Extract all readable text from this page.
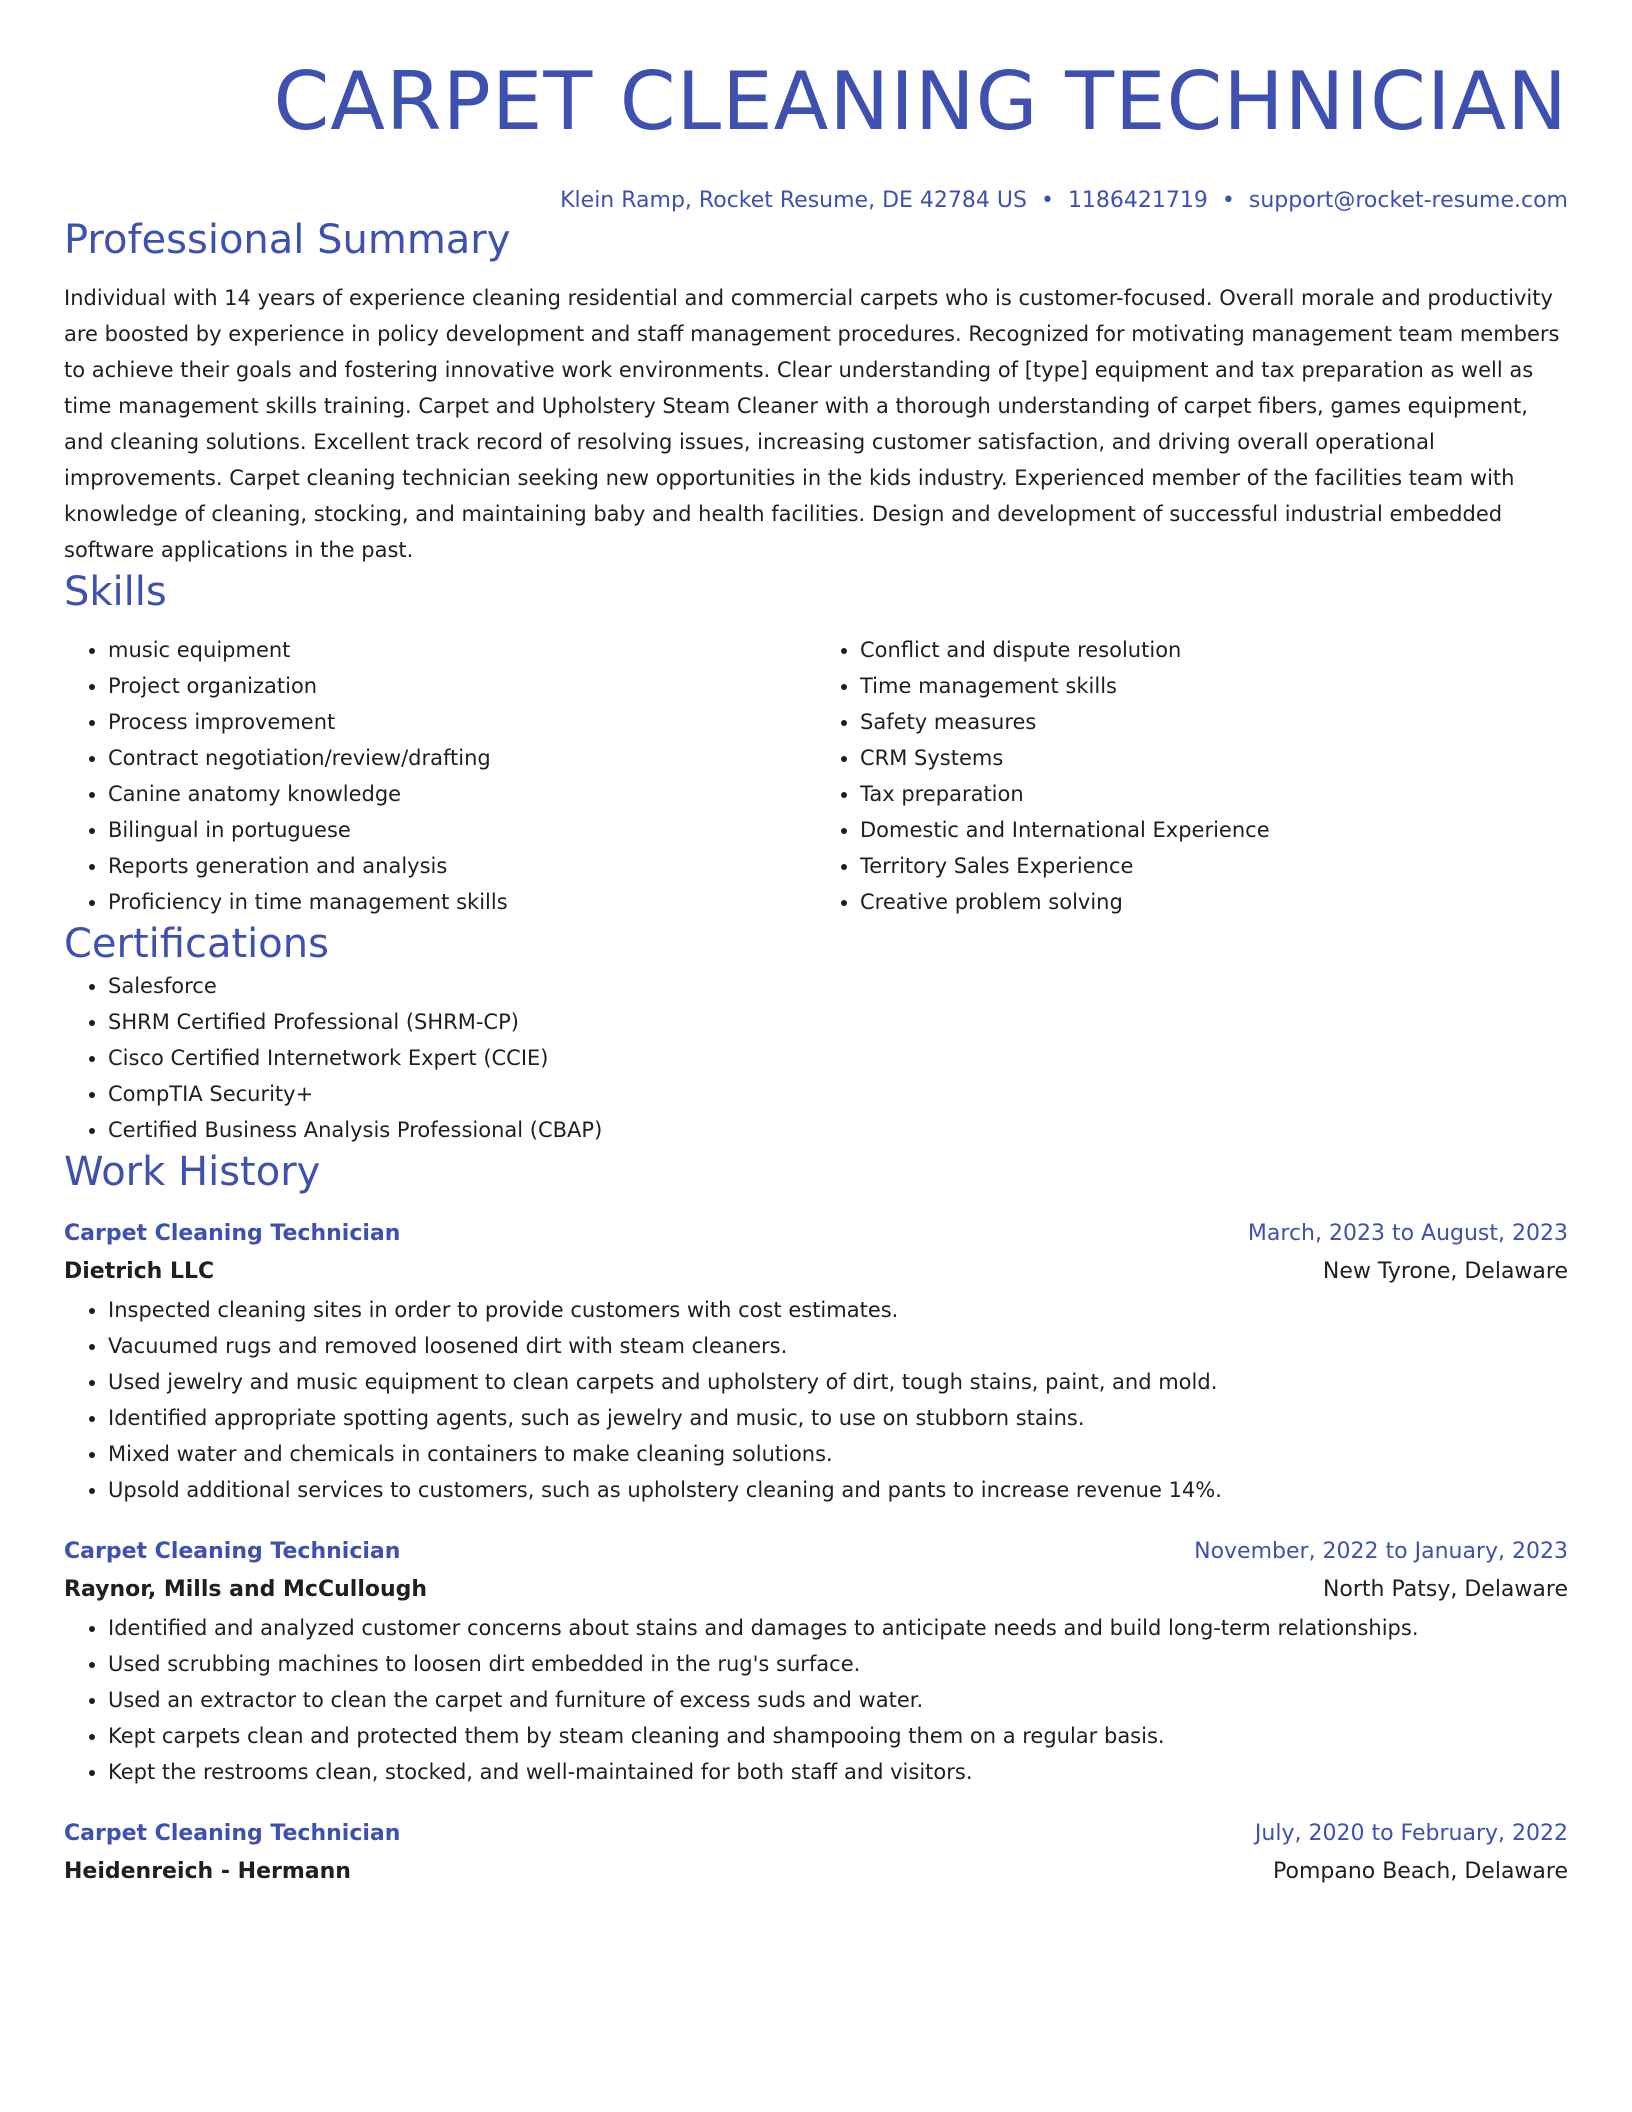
CARPET CLEANING TECHNICIAN
Klein Ramp, Rocket Resume, DE 42784 US • 1186421719 • support@rocket-resume.com
Professional Summary
Individual with 14 years of experience cleaning residential and commercial carpets who is customer-focused. Overall morale and productivity are boosted by experience in policy development and staff management procedures. Recognized for motivating management team members to achieve their goals and fostering innovative work environments. Clear understanding of [type] equipment and tax preparation as well as time management skills training. Carpet and Upholstery Steam Cleaner with a thorough understanding of carpet fibers, games equipment, and cleaning solutions. Excellent track record of resolving issues, increasing customer satisfaction, and driving overall operational improvements. Carpet cleaning technician seeking new opportunities in the kids industry. Experienced member of the facilities team with knowledge of cleaning, stocking, and maintaining baby and health facilities. Design and development of successful industrial embedded software applications in the past.
Skills
• music equipment
• Project organization
• Process improvement
• Contract negotiation/review/drafting
• Canine anatomy knowledge
• Bilingual in portuguese
• Reports generation and analysis
• Proficiency in time management skills
• Conflict and dispute resolution
• Time management skills
• Safety measures
• CRM Systems
• Tax preparation
• Domestic and International Experience
• Territory Sales Experience
• Creative problem solving
Certifications
• Salesforce
• SHRM Certified Professional (SHRM-CP)
• Cisco Certified Internetwork Expert (CCIE)
• CompTIA Security+
• Certified Business Analysis Professional (CBAP)
Work History
Carpet Cleaning Technician	March, 2023 to August, 2023
Dietrich LLC	New Tyrone, Delaware
• Inspected cleaning sites in order to provide customers with cost estimates.
• Vacuumed rugs and removed loosened dirt with steam cleaners.
• Used jewelry and music equipment to clean carpets and upholstery of dirt, tough stains, paint, and mold.
• Identified appropriate spotting agents, such as jewelry and music, to use on stubborn stains.
• Mixed water and chemicals in containers to make cleaning solutions.
• Upsold additional services to customers, such as upholstery cleaning and pants to increase revenue 14%.
Carpet Cleaning Technician	November, 2022 to January, 2023
Raynor, Mills and McCullough	North Patsy, Delaware
• Identified and analyzed customer concerns about stains and damages to anticipate needs and build long-term relationships.
• Used scrubbing machines to loosen dirt embedded in the rug's surface.
• Used an extractor to clean the carpet and furniture of excess suds and water.
• Kept carpets clean and protected them by steam cleaning and shampooing them on a regular basis.
• Kept the restrooms clean, stocked, and well-maintained for both staff and visitors.
Carpet Cleaning Technician	July, 2020 to February, 2022
Heidenreich - Hermann	Pompano Beach, Delaware
